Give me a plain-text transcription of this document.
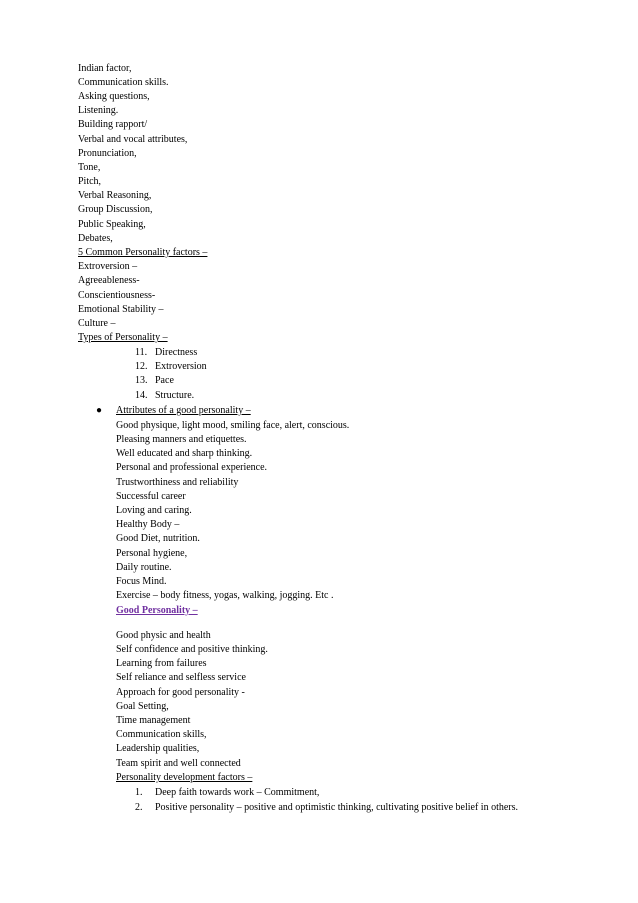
Indian factor,
Communication skills.
Asking questions,
Listening.
Building rapport/
Verbal and vocal attributes,
Pronunciation,
Tone,
Pitch,
Verbal Reasoning,
Group Discussion,
Public Speaking,
Debates,
5 Common Personality factors –
Extroversion –
Agreeableness-
Conscientiousness-
Emotional Stability –
Culture –
Types of Personality –
11. Directness
12. Extroversion
13. Pace
14. Structure.
● Attributes of a good personality –
Good physique, light mood, smiling face, alert, conscious.
Pleasing manners and etiquettes.
Well educated and sharp thinking.
Personal and professional experience.
Trustworthiness and reliability
Successful career
Loving and caring.
Healthy Body –
Good Diet, nutrition.
Personal hygiene,
Daily routine.
Focus Mind.
Exercise – body fitness, yogas, walking, jogging. Etc .
Good Personality –
Good physic and health
Self confidence and positive thinking.
Learning from failures
Self reliance and selfless service
Approach for good personality -
Goal Setting,
Time management
Communication skills,
Leadership qualities,
Team spirit and well connected
Personality development factors –
1. Deep faith towards work – Commitment,
2. Positive personality – positive and optimistic thinking, cultivating positive belief in others.
